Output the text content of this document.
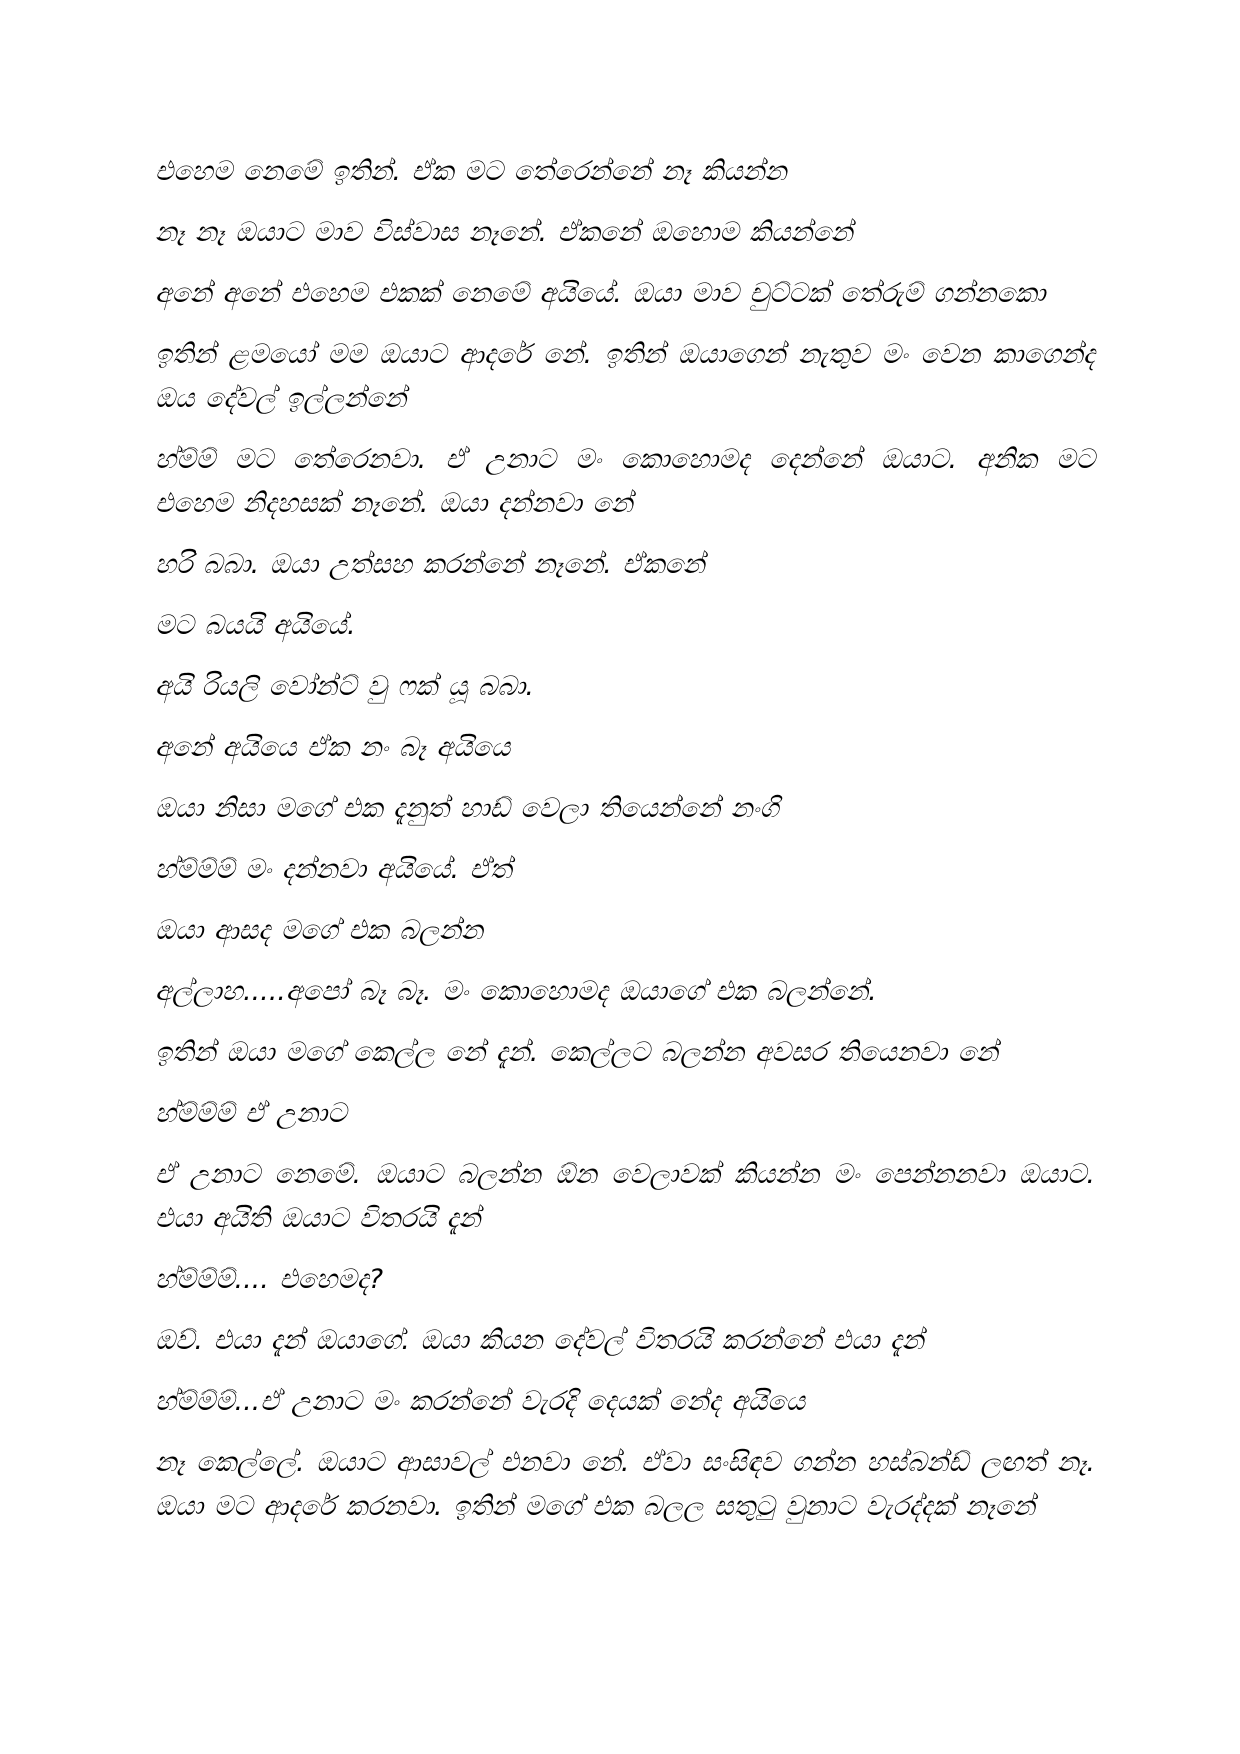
එහෙම නෙමේ ඉතින්. ඒක මට තේරෙන්නේ නෑ කියන්න

නෑ නෑ ඔයාට මාව විස්වාස නෑනේ. ඒකනේ ඔහොම කියන්නේ

අනේ අනේ එහෙම එකක් නෙමේ අයියේ. ඔයා මාව චුට්ටක් තේරුම් ගන්නකො

ඉතින් ළමයෝ මම ඔයාට ආදරේ නේ. ඉතින් ඔයාගෙන් නැතුව මං වෙන කාගෙන්ද ඔය දේවල් ඉල්ලන්නේ

හ්ම්ම් මට තේරෙනවා. ඒ උනාට මං කොහොමද දෙන්නේ ඔයාට. අනික මට එහෙම නිදහසක් නෑනේ. ඔයා දන්නවා නේ

හරි බබා. ඔයා උත්සහ කරන්නේ නෑනේ. ඒකනේ

මට බයයි අයියේ.

අයි රියලි වෝන්ට් වු ෆක් යූ බබා.

අනේ අයියෙ ඒක නං බෑ අයියෙ

ඔයා නිසා මගේ එක දැනුත් හාඩ් වෙලා තියෙන්නේ නංගි

හ්ම්ම්ම් මං දන්නවා අයියේ. ඒත්

ඔයා ආසද මගේ එක බලන්න

අල්ලාහ.....අපෝ බෑ බෑ. මං කොහොමද ඔයාගේ එක බලන්නේ.

ඉතින් ඔයා මගේ කෙල්ල නේ දැන්. කෙල්ලට බලන්න අවසර තියෙනවා නේ

හ්ම්ම්ම් ඒ උනාට

ඒ උනාට නෙමේ. ඔයාට බලන්න ඕන වෙලාවක් කියන්න මං පෙන්නනවා ඔයාට. එයා අයිති ඔයාට විතරයි දැන්

හ්ම්ම්ම්.... එහෙමද?

ඔව්. එයා දැන් ඔයාගේ. ඔයා කියන දේවල් විතරයි කරන්නේ එයා දැන්

හ්ම්ම්ම්...ඒ උනාට මං කරන්නේ වැරදි දෙයක් නේද අයියෙ

නෑ කෙල්ලේ. ඔයාට ආසාවල් එනවා නේ. ඒවා සංසිඳව ගන්න හස්බන්ඩ් ලඟත් නෑ. ඔයා මට ආදරේ කරනවා. ඉතින් මගේ එක බලල සතුටු වුනාට වැරද්දක් නෑනේ
